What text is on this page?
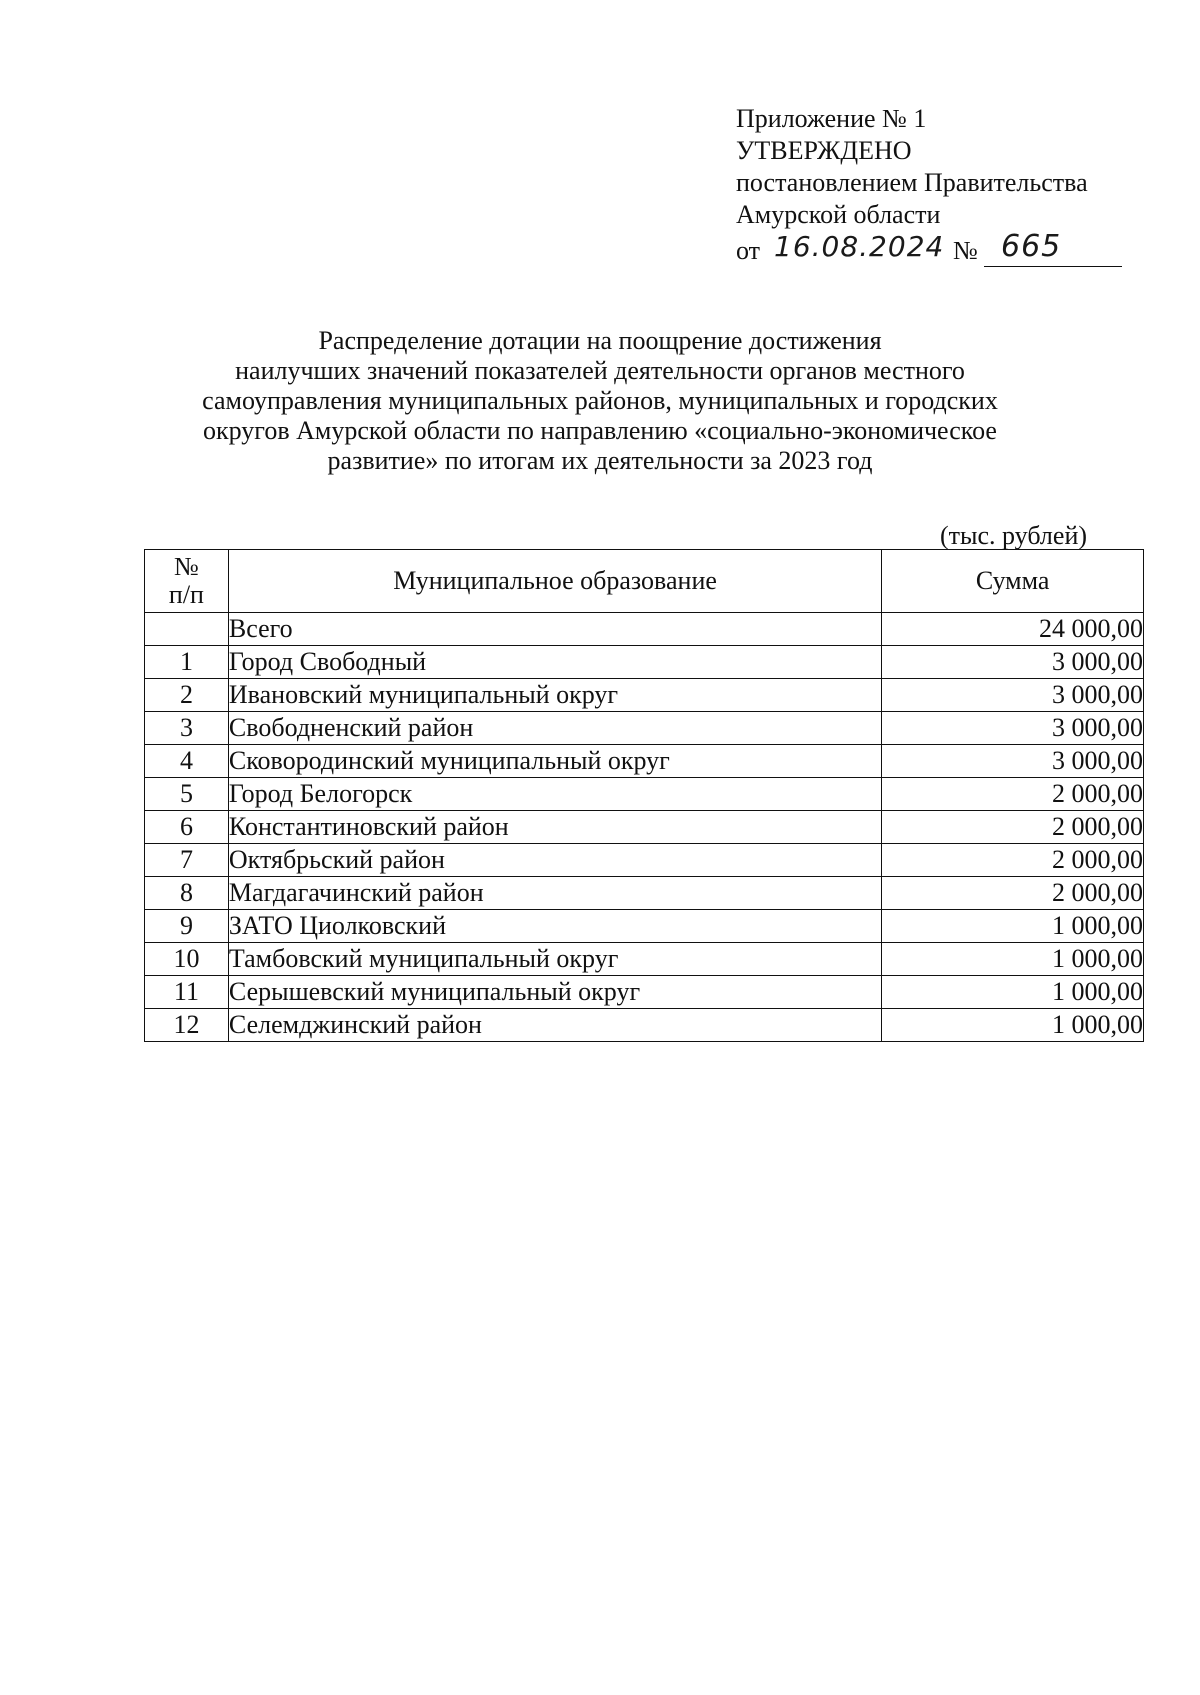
Приложение № 1
УТВЕРЖДЕНО
постановлением Правительства
Амурской области
от 16.08.2024 № 665
Распределение дотации на поощрение достижения
наилучших значений показателей деятельности органов местного
самоуправления муниципальных районов, муниципальных и городских
округов Амурской области по направлению «социально-экономическое
развитие» по итогам их деятельности за 2023 год
(тыс. рублей)
№
п/п	Муниципальное образование	Сумма
	Всего	24 000,00
1	Город Свободный	3 000,00
2	Ивановский муниципальный округ	3 000,00
3	Свободненский район	3 000,00
4	Сковородинский муниципальный округ	3 000,00
5	Город Белогорск	2 000,00
6	Константиновский район	2 000,00
7	Октябрьский район	2 000,00
8	Магдагачинский район	2 000,00
9	ЗАТО Циолковский	1 000,00
10	Тамбовский муниципальный округ	1 000,00
11	Серышевский муниципальный округ	1 000,00
12	Селемджинский район	1 000,00
